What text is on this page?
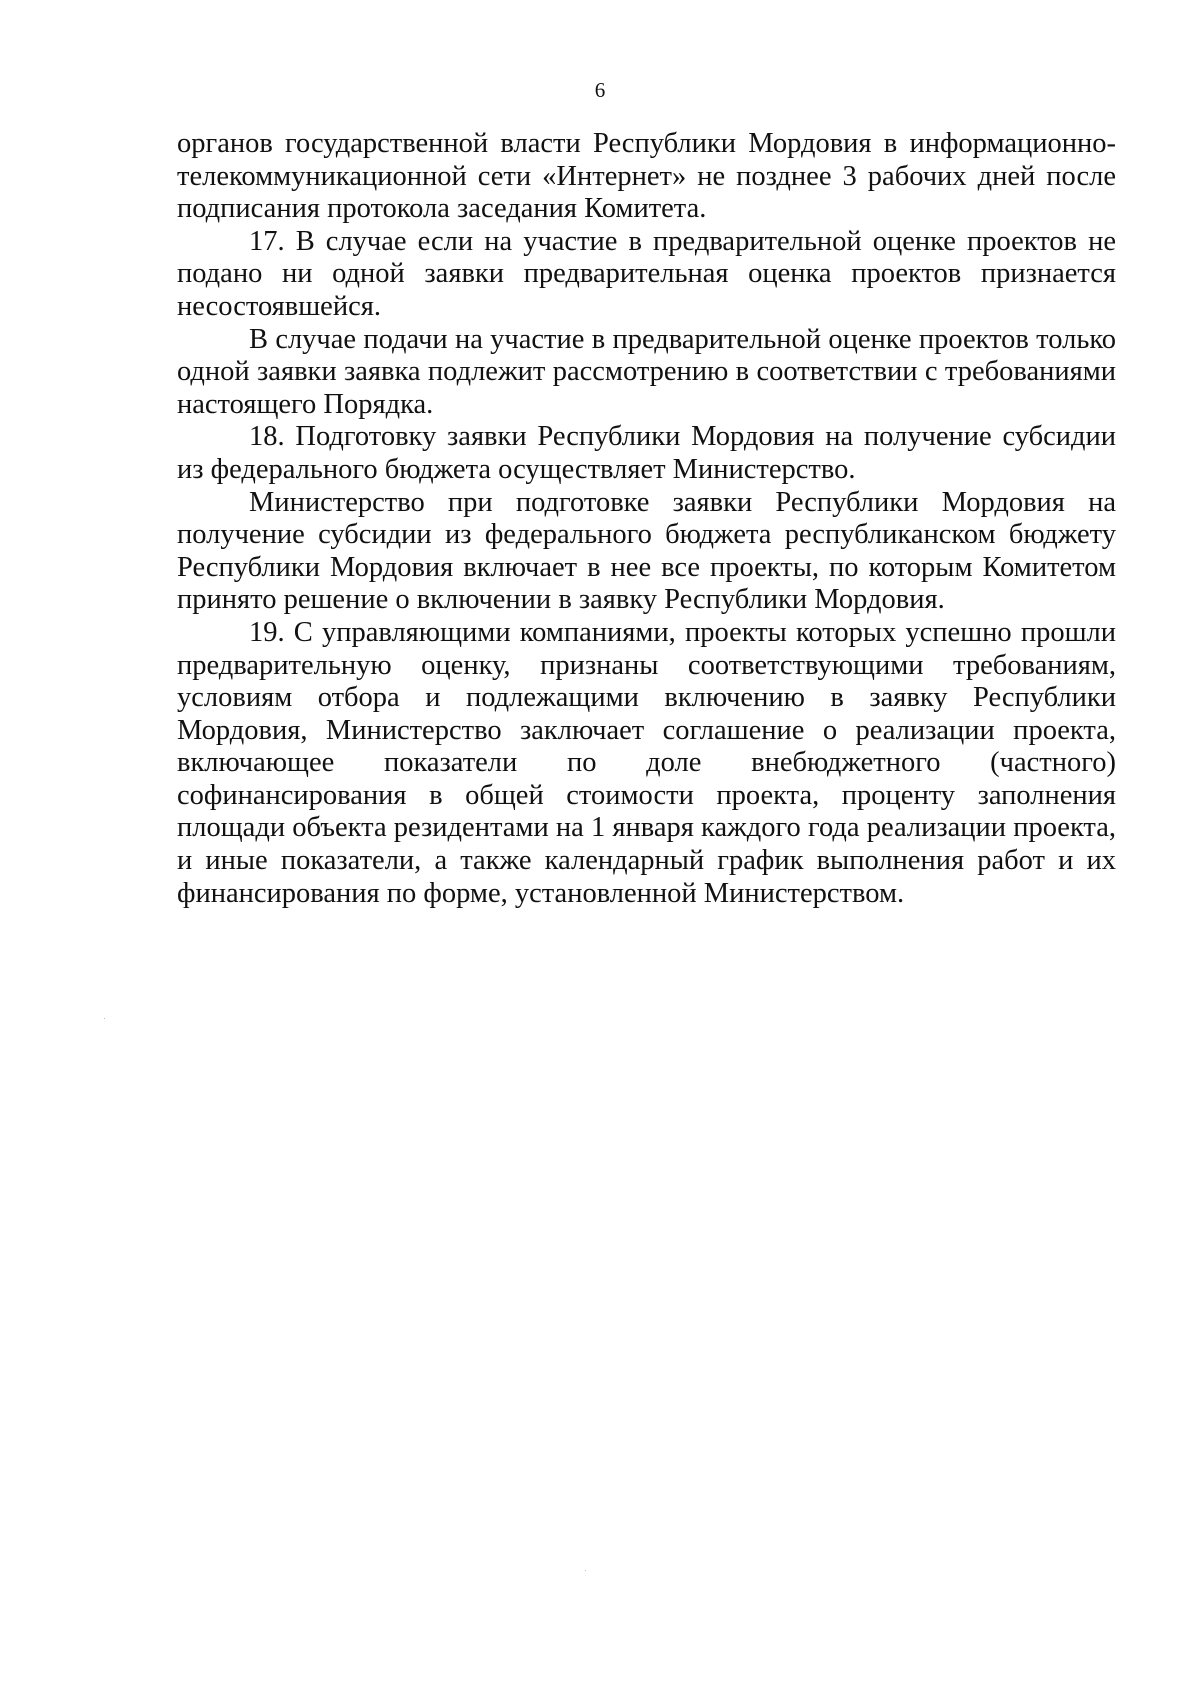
6

органов государственной власти Республики Мордовия в информационно-телекоммуникационной сети «Интернет» не позднее 3 рабочих дней после подписания протокола заседания Комитета.

17. В случае если на участие в предварительной оценке проектов не подано ни одной заявки предварительная оценка проектов признается несостоявшейся.

В случае подачи на участие в предварительной оценке проектов только одной заявки заявка подлежит рассмотрению в соответствии с требованиями настоящего Порядка.

18. Подготовку заявки Республики Мордовия на получение субсидии из федерального бюджета осуществляет Министерство.

Министерство при подготовке заявки Республики Мордовия на получение субсидии из федерального бюджета республиканском бюджету Республики Мордовия включает в нее все проекты, по которым Комитетом принято решение о включении в заявку Республики Мордовия.

19. С управляющими компаниями, проекты которых успешно прошли предварительную оценку, признаны соответствующими требованиям, условиям отбора и подлежащими включению в заявку Республики Мордовия, Министерство заключает соглашение о реализации проекта, включающее показатели по доле внебюджетного (частного) софинансирования в общей стоимости проекта, проценту заполнения площади объекта резидентами на 1 января каждого года реализации проекта, и иные показатели, а также календарный график выполнения работ и их финансирования по форме, установленной Министерством.
